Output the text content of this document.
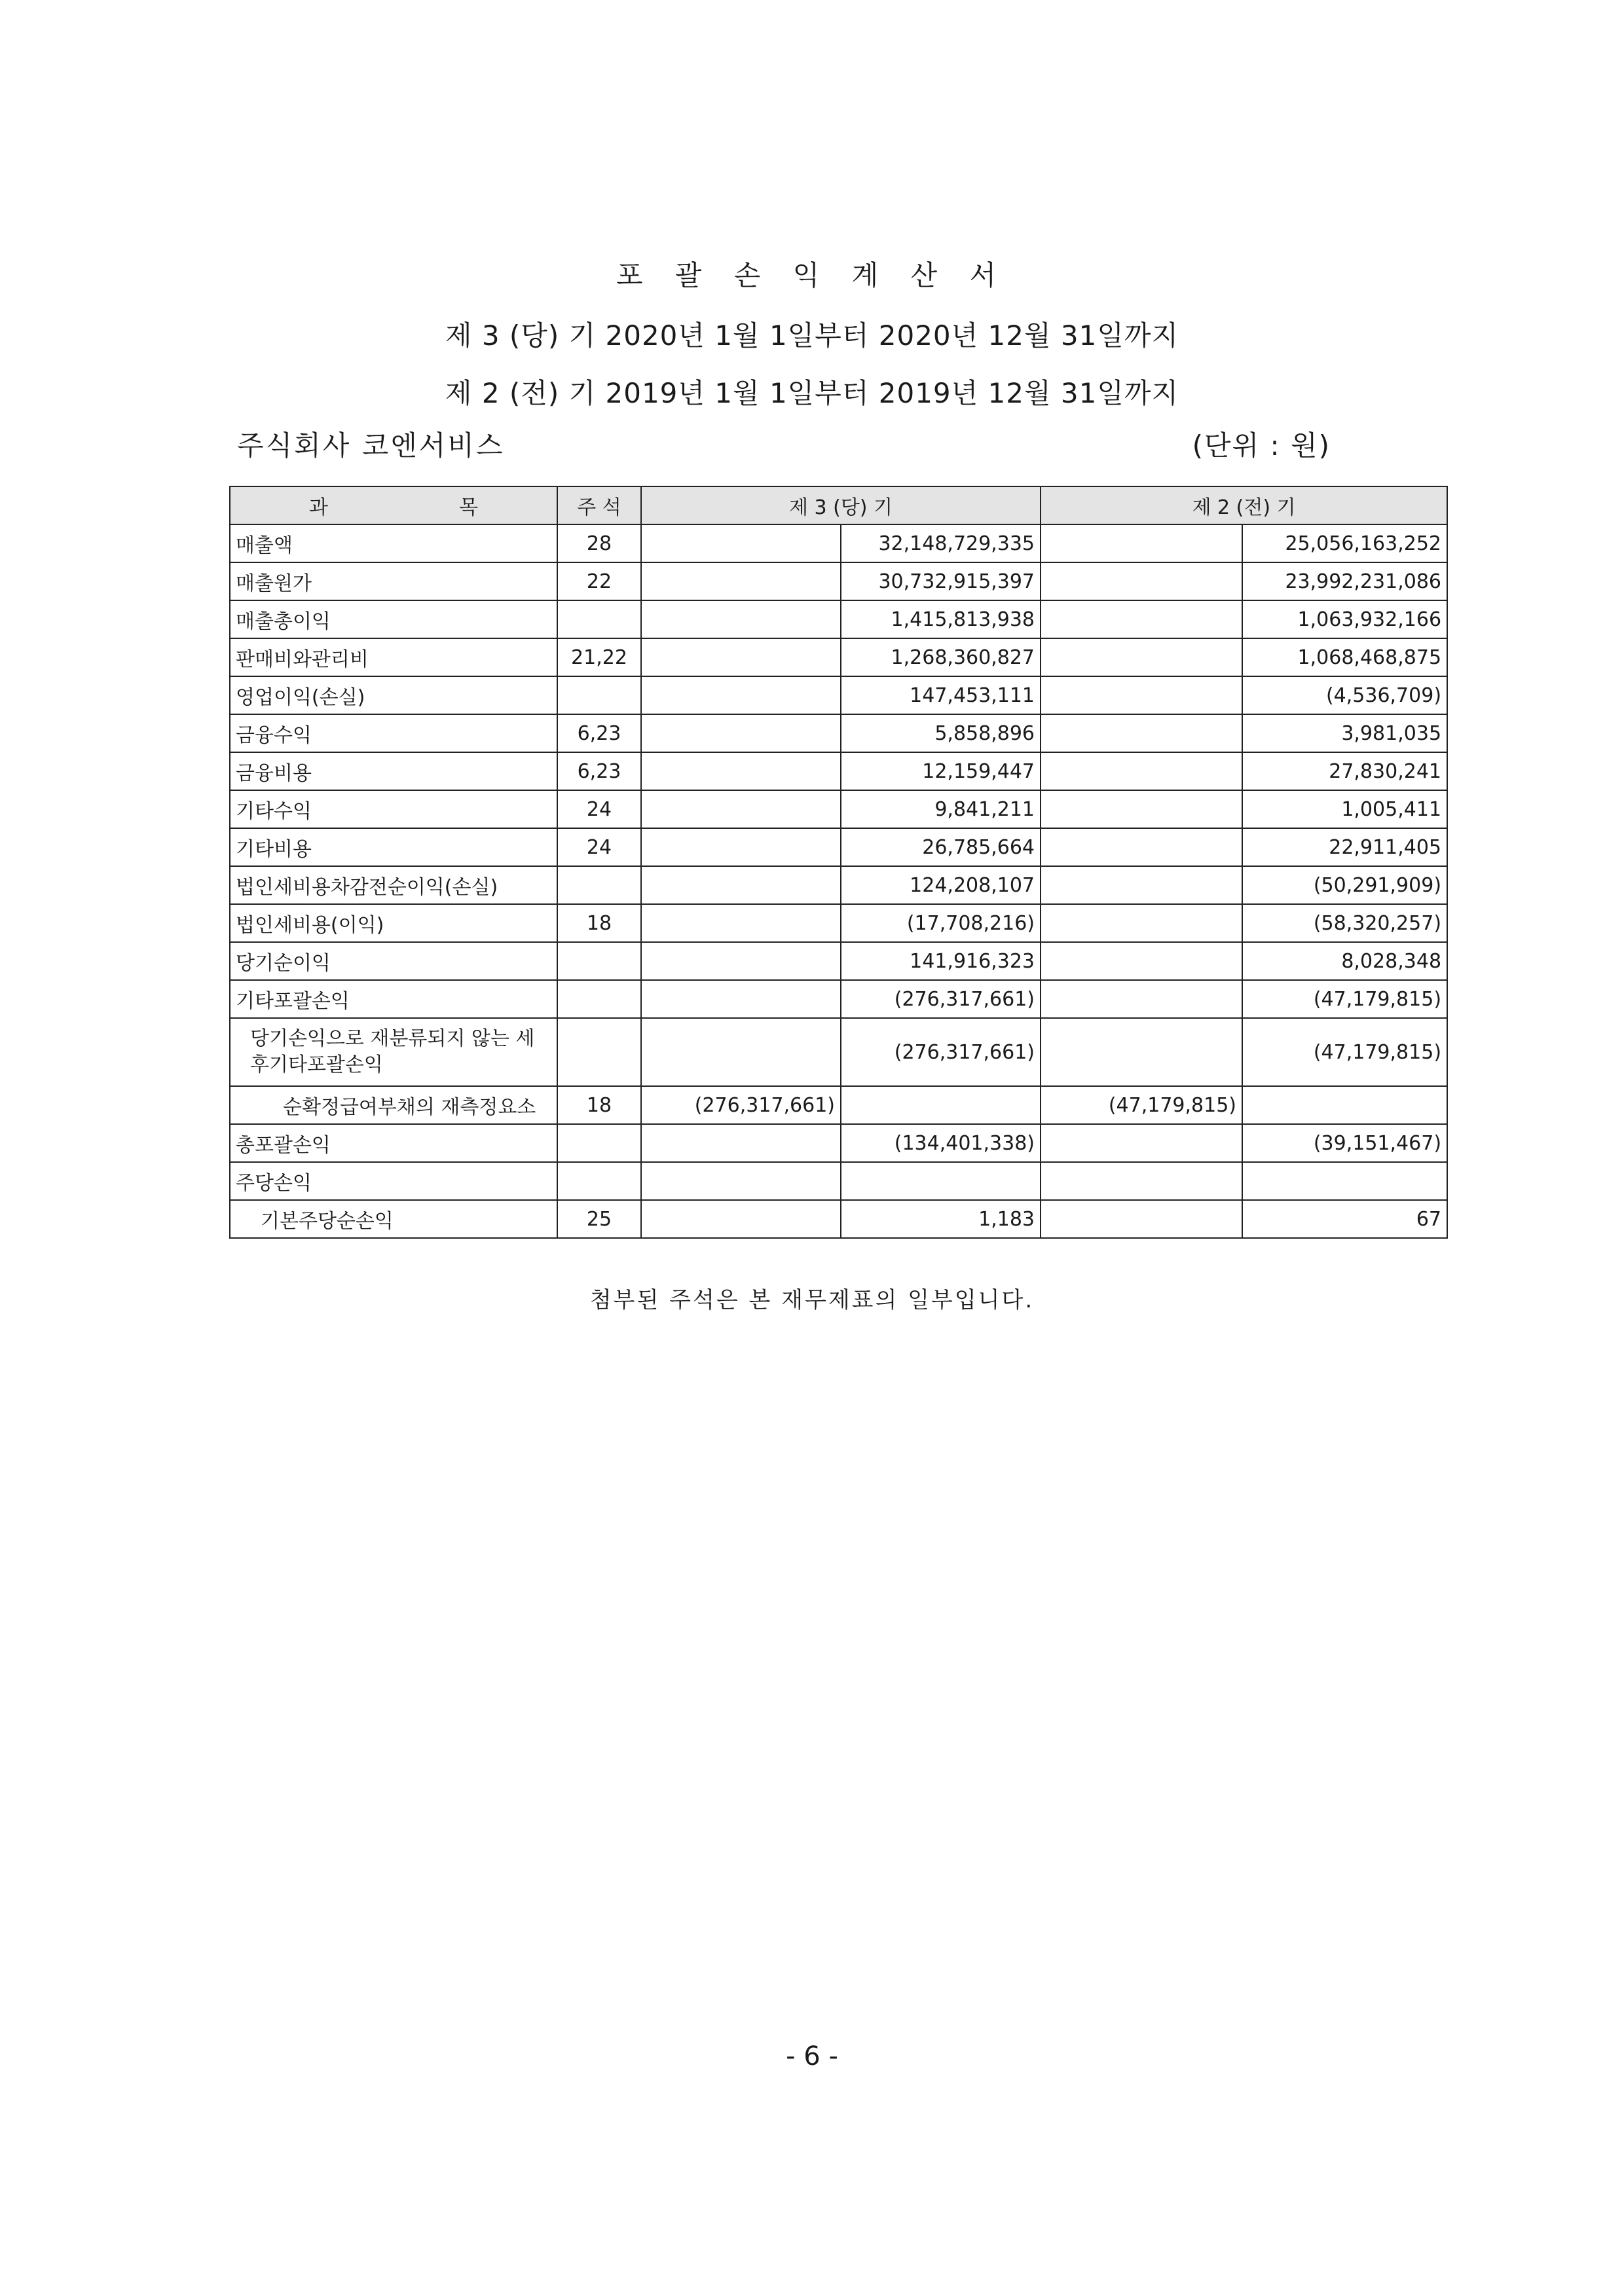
포 괄 손 익 계 산 서
제 3 (당) 기 2020년 1월 1일부터 2020년 12월 31일까지
제 2 (전) 기 2019년 1월 1일부터 2019년 12월 31일까지
주식회사 코엔서비스	(단위 : 원)
과 목	주 석	제 3 (당) 기		제 2 (전) 기	
매출액	28		32,148,729,335		25,056,163,252
매출원가	22		30,732,915,397		23,992,231,086
매출총이익			1,415,813,938		1,063,932,166
판매비와관리비	21,22		1,268,360,827		1,068,468,875
영업이익(손실)			147,453,111		(4,536,709)
금융수익	6,23		5,858,896		3,981,035
금융비용	6,23		12,159,447		27,830,241
기타수익	24		9,841,211		1,005,411
기타비용	24		26,785,664		22,911,405
법인세비용차감전순이익(손실)			124,208,107		(50,291,909)
법인세비용(이익)	18		(17,708,216)		(58,320,257)
당기순이익			141,916,323		8,028,348
기타포괄손익			(276,317,661)		(47,179,815)
당기손익으로 재분류되지 않는 세후기타포괄손익			(276,317,661)		(47,179,815)
순확정급여부채의 재측정요소	18	(276,317,661)		(47,179,815)	
총포괄손익			(134,401,338)		(39,151,467)
주당손익					
기본주당순손익	25		1,183		67
첨부된 주석은 본 재무제표의 일부입니다.
- 6 -
